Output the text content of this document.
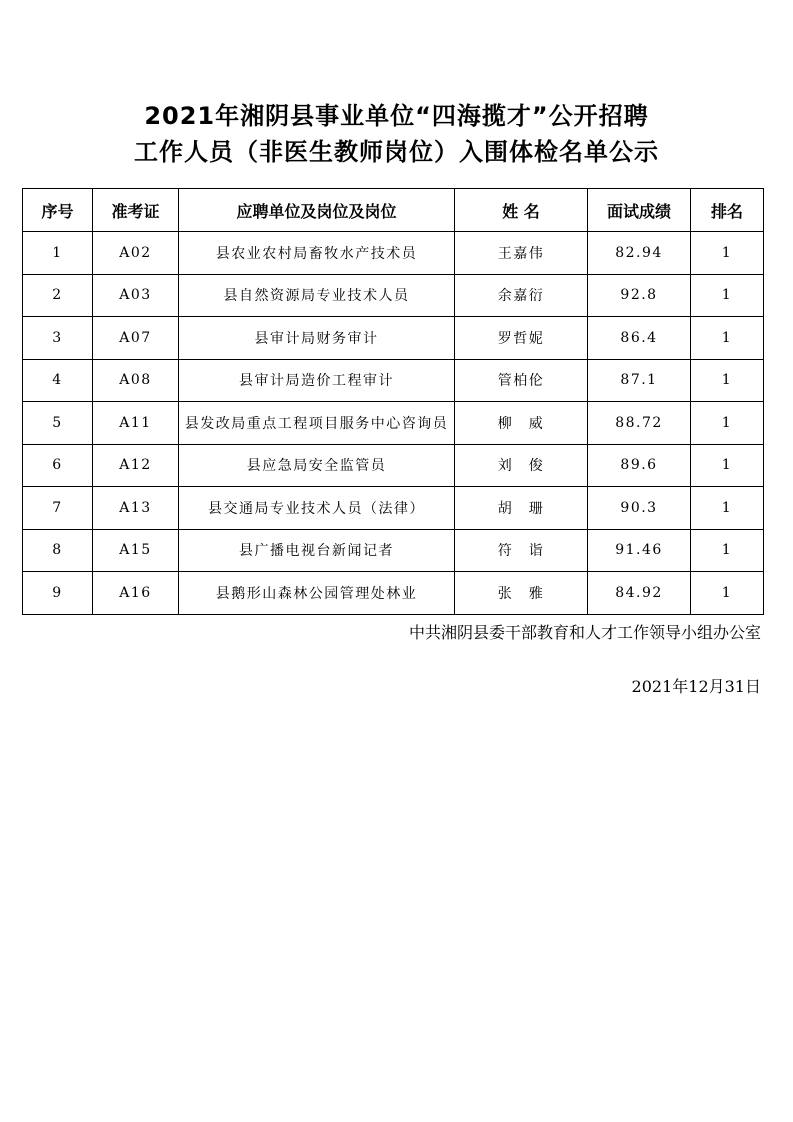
2021年湘阴县事业单位“四海揽才”公开招聘
工作人员（非医生教师岗位）入围体检名单公示
序号	准考证	应聘单位及岗位及岗位	姓 名	面试成绩	排名
1	A02	县农业农村局畜牧水产技术员	王嘉伟	82.94	1
2	A03	县自然资源局专业技术人员	余嘉衍	92.8	1
3	A07	县审计局财务审计	罗哲妮	86.4	1
4	A08	县审计局造价工程审计	管柏伦	87.1	1
5	A11	县发改局重点工程项目服务中心咨询员	柳　威	88.72	1
6	A12	县应急局安全监管员	刘　俊	89.6	1
7	A13	县交通局专业技术人员（法律）	胡　珊	90.3	1
8	A15	县广播电视台新闻记者	符　诣	91.46	1
9	A16	县鹅形山森林公园管理处林业	张　雅	84.92	1
中共湘阴县委干部教育和人才工作领导小组办公室
2021年12月31日
